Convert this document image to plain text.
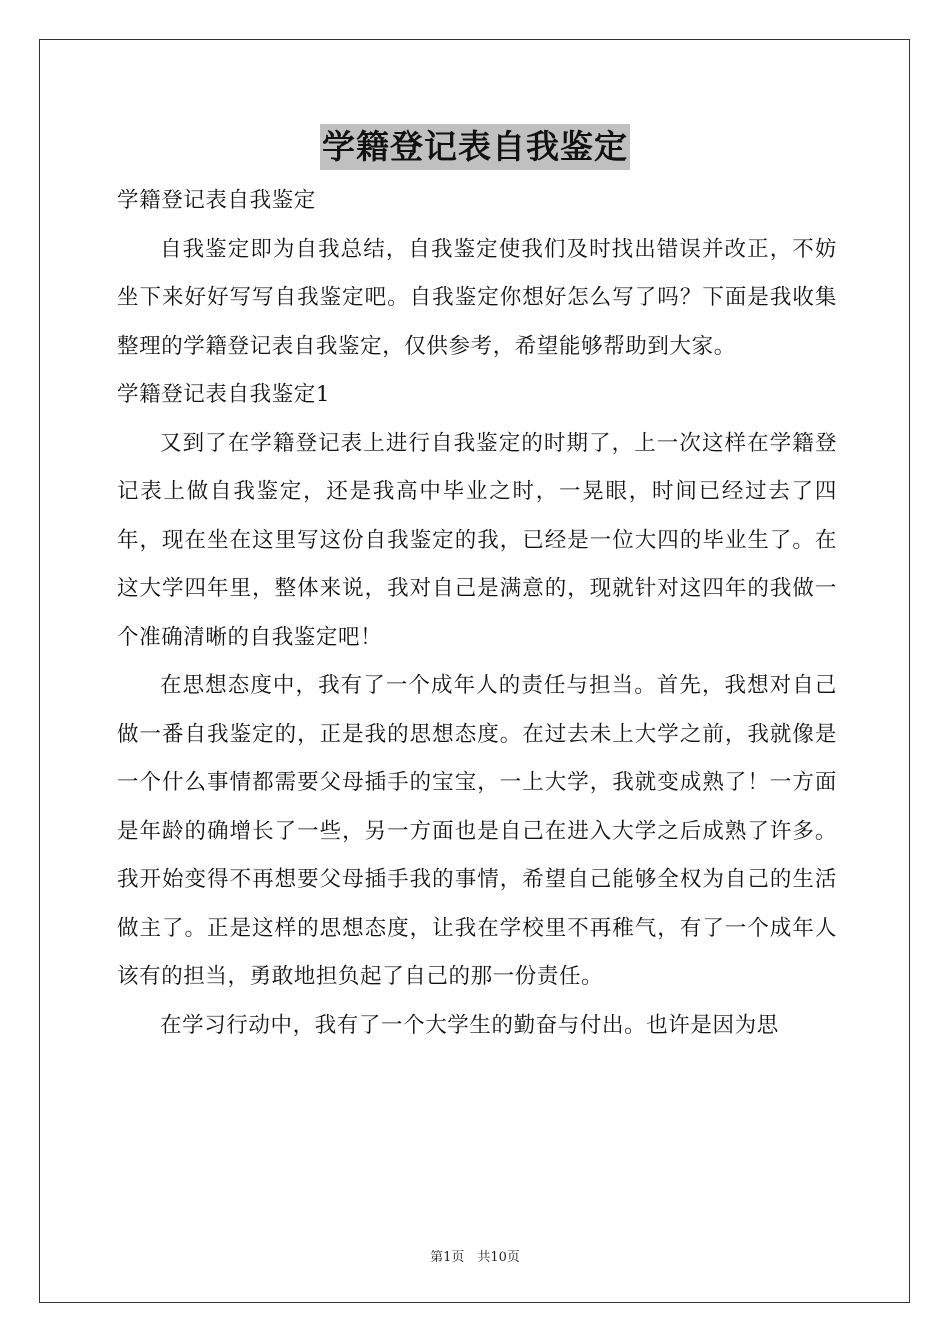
学籍登记表自我鉴定

学籍登记表自我鉴定

自我鉴定即为自我总结，自我鉴定使我们及时找出错误并改正，不妨坐下来好好写写自我鉴定吧。自我鉴定你想好怎么写了吗？下面是我收集整理的学籍登记表自我鉴定，仅供参考，希望能够帮助到大家。

学籍登记表自我鉴定1

又到了在学籍登记表上进行自我鉴定的时期了，上一次这样在学籍登记表上做自我鉴定，还是我高中毕业之时，一晃眼，时间已经过去了四年，现在坐在这里写这份自我鉴定的我，已经是一位大四的毕业生了。在这大学四年里，整体来说，我对自己是满意的，现就针对这四年的我做一个准确清晰的自我鉴定吧！

在思想态度中，我有了一个成年人的责任与担当。首先，我想对自己做一番自我鉴定的，正是我的思想态度。在过去未上大学之前，我就像是一个什么事情都需要父母插手的宝宝，一上大学，我就变成熟了！一方面是年龄的确增长了一些，另一方面也是自己在进入大学之后成熟了许多。我开始变得不再想要父母插手我的事情，希望自己能够全权为自己的生活做主了。正是这样的思想态度，让我在学校里不再稚气，有了一个成年人该有的担当，勇敢地担负起了自己的那一份责任。

在学习行动中，我有了一个大学生的勤奋与付出。也许是因为思

第1页　共10页
